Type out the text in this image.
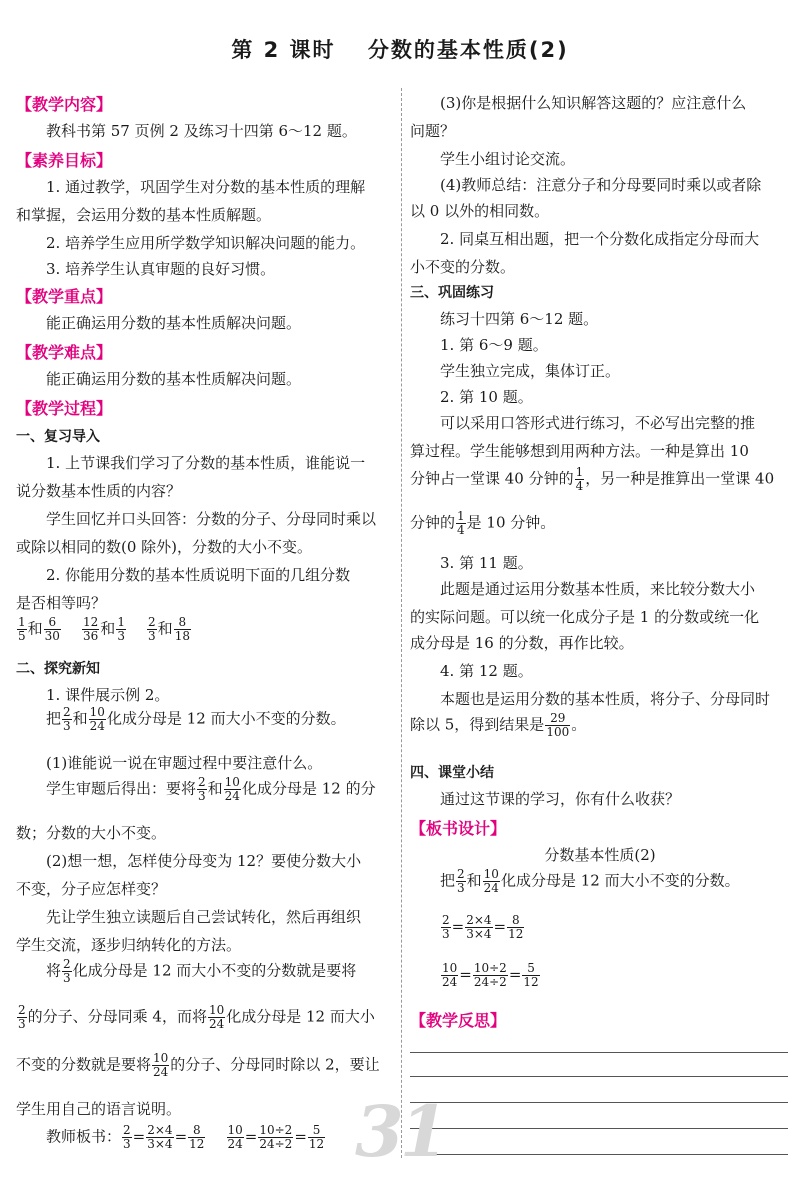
第 2 课时　 分数的基本性质(2)
【教学内容】
教科书第 57 页例 2 及练习十四第 6～12 题。
【素养目标】
1. 通过教学，巩固学生对分数的基本性质的理解
和掌握，会运用分数的基本性质解题。
2. 培养学生应用所学数学知识解决问题的能力。
3. 培养学生认真审题的良好习惯。
【教学重点】
能正确运用分数的基本性质解决问题。
【教学难点】
能正确运用分数的基本性质解决问题。
【教学过程】
一、复习导入
1. 上节课我们学习了分数的基本性质，谁能说一
说分数基本性质的内容？
学生回忆并口头回答：分数的分子、分母同时乘以
或除以相同的数(0 除外)，分数的大小不变。
2. 你能用分数的基本性质说明下面的几组分数
是否相等吗？
$\frac{1}{5}$ 和 $\frac{6}{30}$
$\frac{12}{36}$ 和 $\frac{1}{3}$
$\frac{2}{3}$ 和 $\frac{8}{18}$
二、探究新知
1. 课件展示例 2。
把 $\frac{2}{3}$ 和 $\frac{10}{24}$ 化成分母是 12 而大小不变的分数。
(1)谁能说一说在审题过程中要注意什么。
学生审题后得出：要将 $\frac{2}{3}$ 和 $\frac{10}{24}$ 化成分母是 12 的分
数；分数的大小不变。
(2)想一想，怎样使分母变为 12？要使分数大小
不变，分子应怎样变？
先让学生独立读题后自己尝试转化，然后再组织
学生交流，逐步归纳转化的方法。
将 $\frac{2}{3}$ 化成分母是 12 而大小不变的分数就是要将
$\frac{2}{3}$ 的分子、分母同乘 4，而将 $\frac{10}{24}$ 化成分母是 12 而大小
不变的分数就是要将 $\frac{10}{24}$ 的分子、分母同时除以 2，要让
学生用自己的语言说明。
教师板书： $\frac{2}{3} = \frac{2\times 4}{3\times 4} = \frac{8}{12}$
$\frac{10}{24} = \frac{10\div 2}{24\div 2} = \frac{5}{12}$
(3)你是根据什么知识解答这题的？应注意什么
问题？
学生小组讨论交流。
(4)教师总结：注意分子和分母要同时乘以或者除
以 0 以外的相同数。
2. 同桌互相出题，把一个分数化成指定分母而大
小不变的分数。
三、巩固练习
练习十四第 6～12 题。
1. 第 6～9 题。
学生独立完成，集体订正。
2. 第 10 题。
可以采用口答形式进行练习，不必写出完整的推
算过程。学生能够想到用两种方法。一种是算出 10
分钟占一堂课 40 分钟的 $\frac{1}{4}$ ，另一种是推算出一堂课 40
分钟的 $\frac{1}{4}$ 是 10 分钟。
3. 第 11 题。
此题是通过运用分数基本性质，来比较分数大小
的实际问题。可以统一化成分子是 1 的分数或统一化
成分母是 16 的分数，再作比较。
4. 第 12 题。
本题也是运用分数的基本性质，将分子、分母同时
除以 5，得到结果是 $\frac{29}{100}$ 。
四、课堂小结
通过这节课的学习，你有什么收获？
【板书设计】
分数基本性质(2)
把 $\frac{2}{3}$ 和 $\frac{10}{24}$ 化成分母是 12 而大小不变的分数。
$\frac{2}{3} = \frac{2\times 4}{3\times 4} = \frac{8}{12}$
$\frac{10}{24} = \frac{10\div 2}{24\div 2} = \frac{5}{12}$
【教学反思】
31
